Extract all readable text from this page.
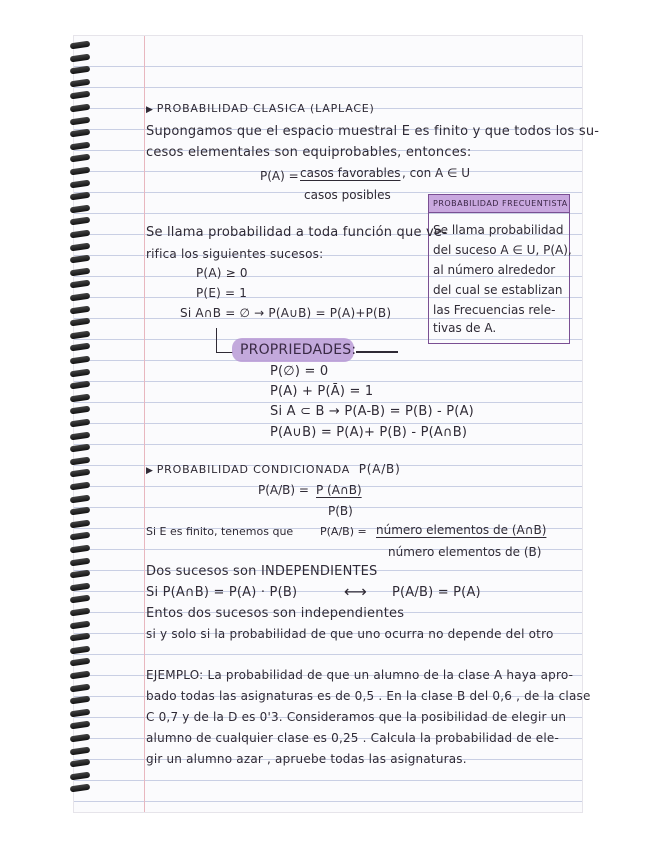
▶ PROBABILIDAD CLASICA (LAPLACE)

Supongamos que el espacio muestral E es finito y que todos los su-

cesos elementales son equiprobables, entonces:

P(A) = casos favorables , con A ∈ U
casos posibles
PROBABILIDAD FRECUENTISTA
Se llama probabilidad
del suceso A ∈ U, P(A),
al número alrededor
del cual se establizan
las Frecuencias rele-
tivas de A.

Se llama probabilidad a toda función que ve-

rifica los siguientes sucesos:

P(A) ≥ 0

P(E) = 1

Si A∩B = ∅ → P(A∪B) = P(A)+P(B)

PROPRIEDADES:

P(∅) = 0

P(A) + P(Ā) = 1

Si A ⊂ B → P(A-B) = P(B) - P(A)

P(A∪B) = P(A)+ P(B) - P(A∩B)

▶ PROBABILIDAD CONDICIONADA P(A/B)

P(A/B) = P (A∩B)
P(B)
Si E es finito, tenemos que P(A/B) = número elementos de (A∩B)
número elementos de (B)

Dos sucesos son INDEPENDIENTES

Si P(A∩B) = P(A) · P(B)	⟷ P(A/B) = P(A)

Entos dos sucesos son independientes

si y solo si la probabilidad de que uno ocurra no depende del otro

EJEMPLO: La probabilidad de que un alumno de la clase A haya apro-

bado todas las asignaturas es de 0,5 . En la clase B del 0,6 , de la clase

C 0,7 y de la D es 0'3. Consideramos que la posibilidad de elegir un

alumno de cualquier clase es 0,25 . Calcula la probabilidad de ele-

gir un alumno azar , apruebe todas las asignaturas.
